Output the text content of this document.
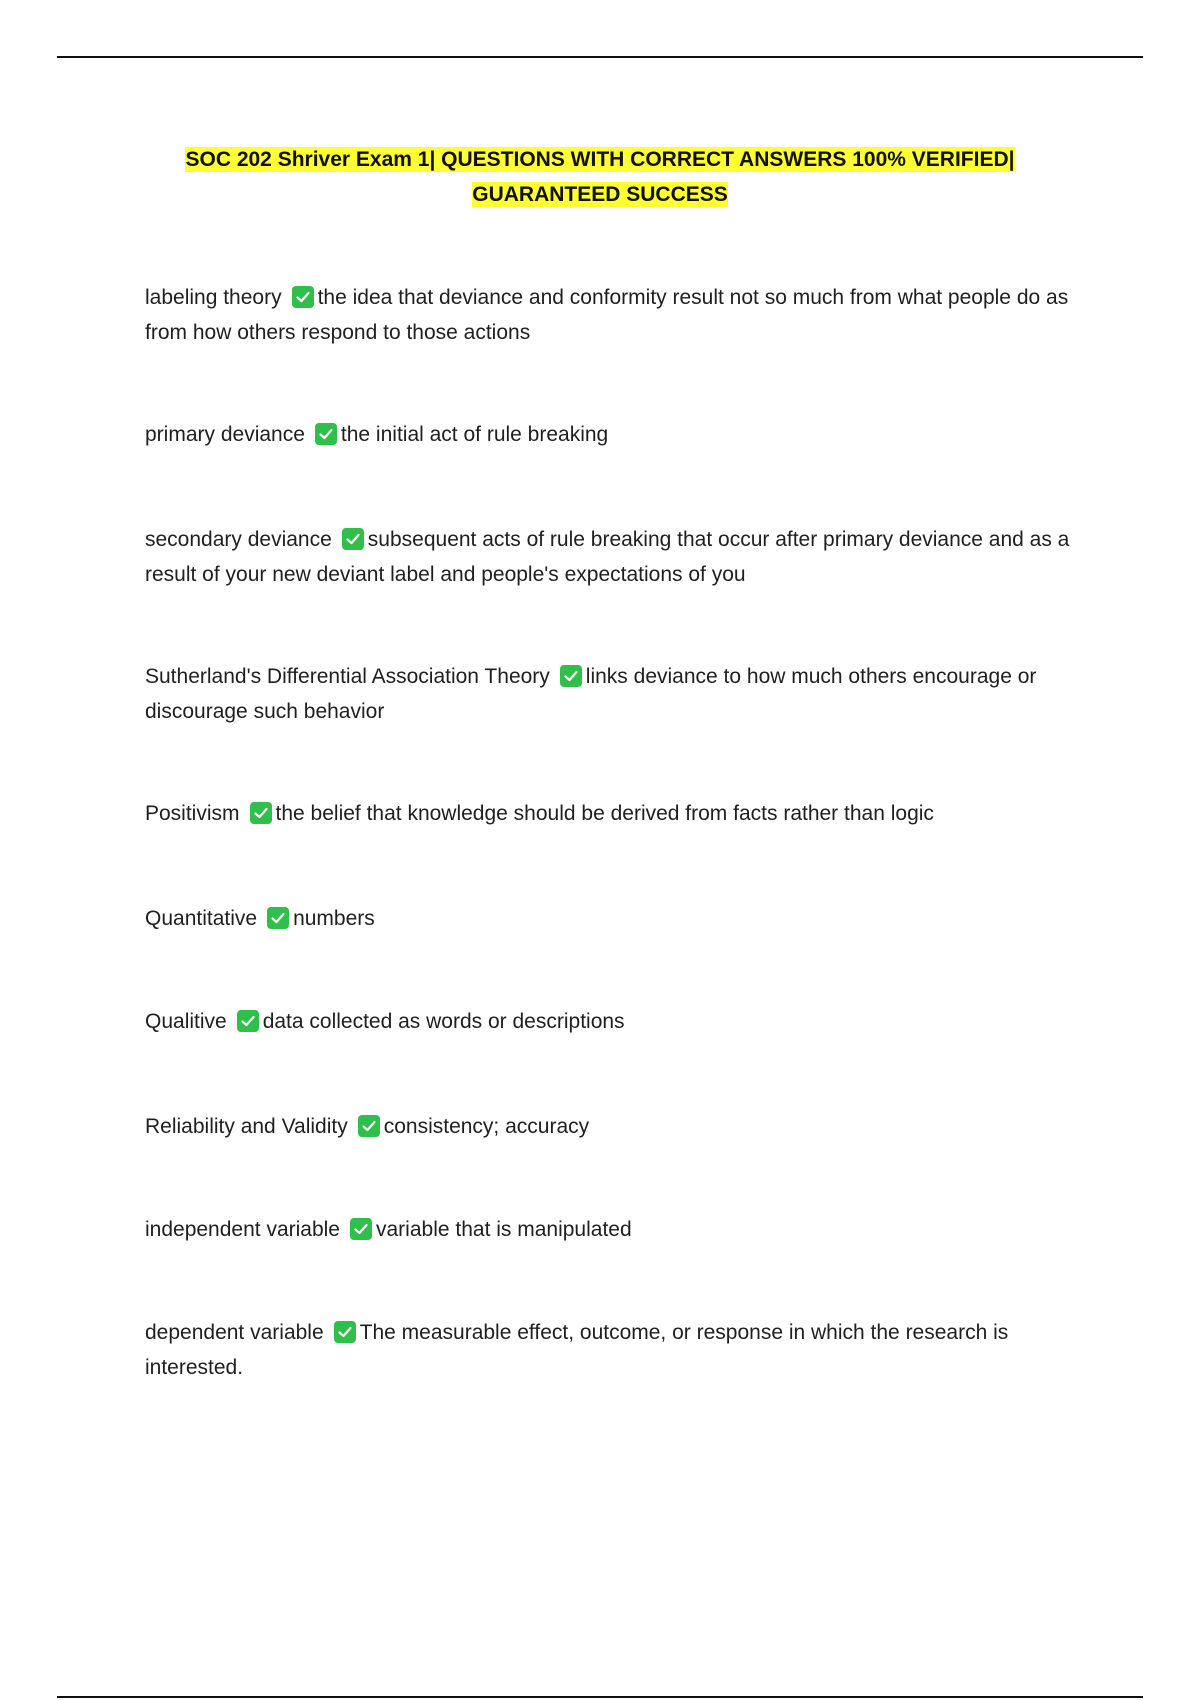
SOC 202 Shriver Exam 1| QUESTIONS WITH CORRECT ANSWERS 100% VERIFIED|
GUARANTEED SUCCESS
labeling theory the idea that deviance and conformity result not so much from what people do as from how others respond to those actions
primary deviance the initial act of rule breaking
secondary deviance subsequent acts of rule breaking that occur after primary deviance and as a result of your new deviant label and people's expectations of you
Sutherland's Differential Association Theory links deviance to how much others encourage or discourage such behavior
Positivism the belief that knowledge should be derived from facts rather than logic
Quantitative numbers
Qualitive data collected as words or descriptions
Reliability and Validity consistency; accuracy
independent variable variable that is manipulated
dependent variable The measurable effect, outcome, or response in which the research is interested.
